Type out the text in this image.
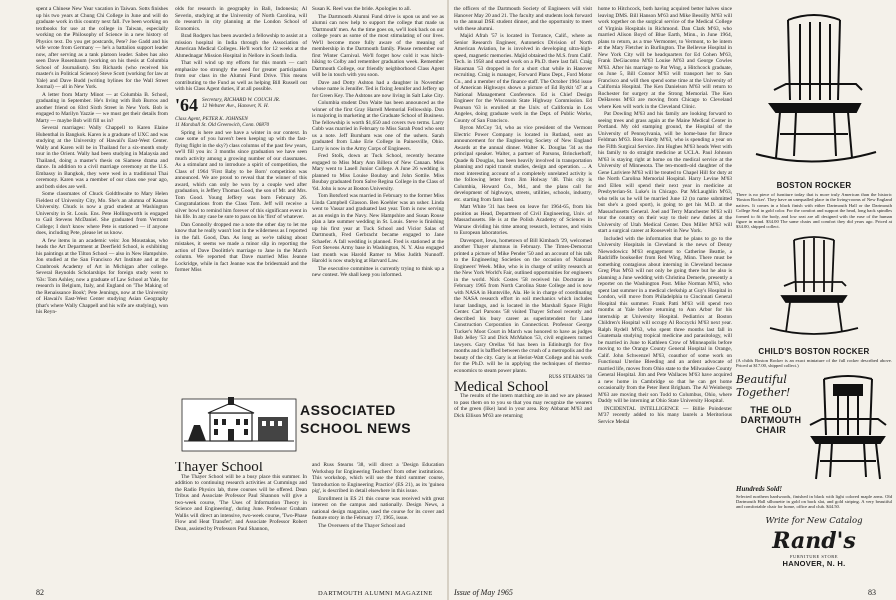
spent a Chinese New Year vacation in Taiwan. Sotts finishes up his two years at Chung Chi College in June and will do graduate work in this country next fall. I've been working on textbooks for use at the college in Taiwan, especially working on the Philosophy of Science in a new history of Physics text. Do you get postcards, Pete? Joe Gadd and his wife wrote from Germany — he's a battalion support leader now, after serving as a tank platoon leader. Sabes has also seen Dave Rosenbaum (working on his thesis at Columbia School of Journalism). Stu Richards (who received his master's in Political Science) Steve Scott (working for law at Yale) and Dave Budd (writing bylines for the Wall Street Journal) — all in New York.

A letter from Marty Minot — at Columbia B. School, graduating in September. He's living with Bob Burros and another friend on 83rd Sixth Street in New York. Bob is engaged to Marilyn Yazzie — we must get their details from Marty — maybe Bob will fill us in?

Several marriages: Wally Chappell to Karen Elaine Hubenthal in Bangkok. Karen is a graduate of UXC and was studying at the University of Hawaii's East-West Center. Wally and Karen will be in Thailand for a six-month study tour in the Orient. Wally had been studying in Malaysia and Thailand, doing a master's thesis on Siamese drama and dance. In addition to a civil marriage ceremony at the U.S. Embassy in Bangkok, they were wed in a traditional Thai ceremony. Karen was a member of our class one year ago, and both sides are well.

Some classmates of Chuck Goldthwaite to Mary Helen Fieldest of University City, Mo. She's an alumna of Kansas University. Chuck is now a grad student at Washington University in St. Louis. Ens. Pete Hollingworth is engaged to Gail Stevens McDaniel. She graduated from Vermont College; I don't know where Pete is stationed — if anyone does, including Pete, please let us know.

A few items in an academic vein: Jon Moustakas, who heads the Art Department at Deerfield School, is exhibiting his paintings at the Tilton School — also in New Hampshire. Jon studied at the San Francisco Art Institute and at the Cranbrook Academy of Art in Michigan after college. Several Reynolds Scholarships for foreign study went to '63s: Tom Ashley, now a graduate of Law School at Yale, for research in Belgium, Italy, and England on 'The Making of the Renaissance Book'; Pete Jennings, now at the University of Hawaii's East-West Center studying Asian Geography (that's where Wally Chappell and his wife are studying), won his Reyn-

olds for research in geography in Bali, Indonesia; Al Severin, studying at the University of North Carolina, will do research in city planning at the London School of Economics.

Brad Rodgers has been awarded a fellowship to assist at a mission hospital in India through the Association of American Medical Colleges. He'll work for 12 weeks at the Ahmednagar Mission Hospital in Nellore in South India.

That will wind up my efforts for this month — can't emphasize too strongly the need for greater participation from our class in the Alumni Fund Drive. This means contributing to the Fund as well as helping Bill Russell out with his Class Agent duties, if at all possible.

'64 Secretary, RICHARD W. COUCH JR.
12 Webster Ave., Hanover, N. H.
Class Agent, PETER K. JOHNSEN
11 Marshall St. Old Greenwich, Conn. 06870

Spring is here and we have a winter in our context. In case some of you haven't been keeping up with the fast-flying flight in the sky?) class columns of the past few years, we'll fill you in: 3 months since graduation we have seen much activity among a growing number of our classmates. As a stimulant and to introduce a spirit of competition, the Class of 1964 'First Baby to be Born' competition was announced. We are proud to reveal that the winner of this award, which can only be won by a couple wed after graduation, is Jeffery Thomas Good, the son of Mr. and Mrs. Tom Good. Young Jeffery was born February 26. Congratulations from the Class Tom. Jeff will receive a silver bowl to remind him forever of this significant event in his life. In any case be sure to pass on his 'first' of whatever.

Dan Connolly dropped me a note the other day to let me know that he really wasn't lost in the wilderness as I reported in the fall. Good, Dan. As long as we're talking about mistakes, it seems we made a minor slip in reporting the action of Dave Doolittle's marriage to Jane in the March column. We reported that Dave married Miss Jeanne Lockridge, while in fact Jeanne was the bridesmaid and the former Miss

Susan K. Reel was the bride. Apologies to all.

The Dartmouth Alumni Fund drive is upon us and we as alumni can now help to support the college that made us 'Dartmouth' men. As the time goes on, we'll look back on our college years as some of the most stimulating of our lives. We'll become more fully aware of the meaning of membership in the Dartmouth family. Please remember our first Winter Carnival. We'll forget how cold it was hitch-hiking to Colby and remember graduation week. Remember Dartmouth College, our friendly neighborhood Class Agent will be in touch with you soon.

Dave and Dotty Ashton had a daughter in November whose name is Jennifer. Ted is fixing Jennifer and Jeffery up for Green Key. The Ashtons are now living in Salt Lake City.

Columbia student Don Waite has been announced as the winner of the first Gray Harrell Memorial Fellowship. Don is majoring in marketing at the Graduate School of Business. The fellowship is worth $1,650 and covers two terms. Larry Cobb was married in February to Miss Sarah Pond who sent us a note. Jeff Burnham was one of the ushers. Sarah graduated from Lake Erie College in Painesville, Ohio. Larry is now in the Army Corps of Engineers.

Fred Stolk, down at Tuck School, recently became engaged to Miss Mary Ann Billera of New Canaan. Miss Mary went to Lasell Junior College. A June 26 wedding is planned to Miss Louise Boubay and John Sottile. Miss Boubay graduated from Salve Regina College in the Class of '64. John is now at Boston University.

Tom Botsford was married in February to the former Miss Linda Campbell Glasson. Ben Koehler was an usher. Linda went to Vassar and graduated last year. Tom is now serving as an ensign in the Navy. New Hampshire and Susan Rouse plan a late summer wedding in St. Louis. Steve is finishing up his first year at Tuck School and Vicior Salas of Dartmouth, Fred Gerbracht became engaged to Jane Schaefer. A fall wedding is planned. Fred is stationed at the Fort Stevens Army base in Washington, N. Y. Also engaged last month was Harold Ramer to Miss Judith Nunnoff. Harold is now studying at Harvard Law.

The executive committee is currently trying to think up a new contest. We shall keep you informed.

ASSOCIATED SCHOOL NEWS
Thayer School

The Thayer School will be a busy place this summer. In addition to continuing research activities at Cummings and the Radio Physics lab, three courses will be offered. Dean Tribus and Associate Professor Paul Shannon will give a two-week course, 'The Uses of Information Theory in Science and Engineering', during June. Professor Graham Wallis will direct an intensive, two-week course, 'Two-Phase Flow and Heat Transfer'; and Associate Professor Robert Dean, assisted by Professors Paul Shannon,

and Russ Stearns '38, will direct a 'Design Education Workshop for Engineering Teachers' from other institutions. This workshop, which will use the third summer course, 'Introduction to Engineering Practice' (ES 21), as its 'guinea pig', is described in detail elsewhere in this issue.

Enrollment in ES 21 this course was received with great interest on the campus and nationally. Design News, a national design magazine, used the course for its cover and feature story in the February 17, 1965, issue.

The Overseers of the Thayer School and

82	DARTMOUTH ALUMNI MAGAZINE

the officers of the Dartmouth Society of Engineers will visit Hanover May 20 and 21. The faculty and students look forward to the annual DSE student dinner, and the opportunity to meet with these alumni.

Majid Afrah '57 is located in Torrance, Calif., where as Senior Research Engineer, Autonetics Division of North American Aviation, he is involved in developing ultra-high-speed, magnetic memories. Majid obtained the M.S. from Calif. Tech. in 1958 and started work on a Ph.D. there last fall. Craig Hausman '53 dropped in for a short chat while in Hanover recruiting. Craig is manager, Forward Plans Dept., Ford Motor Co., and a member of the finance staff. The October 1964 issue of American Highways shows a picture of Ed Byrkit '47 at a National Management Conference. Ed is Chief Design Engineer for the Wisconsin State Highway Commission. Ed Pearson '63 is enrolled at the Univ. of California in Los Angeles, doing graduate work in the Dept. of Public Works, County of San Francisco.

Byron McCoy '34, who as vice president of the Vermont Electric Power Company is located in Rutland, sent an announcement for the Engineering Society of New England Awards at the annual dinner. Walter K. Douglas '34 as the principal speaker. Walter, a partner of Parsons, Brinckerhoff, Quade & Douglas, has been heavily involved in transportation planning and rapid transit studies, design and operation. ... A most interesting account of a completely unrelated activity is the following letter from Jim Holway '48. This city is Columbia, Howard Co., Md., and the plans call for development of highways, streets, utilities, schools, industry, etc. starting from farm land.

Matt White '31 has been on leave for 1964-65, from his position as Head, Department of Civil Engineering, Univ. of Massachusetts. He is at the Polish Academy of Sciences in Warsaw dividing his time among research, lectures, and visits to European laboratories.

Davenport, Iowa, hometown of Bill Kimbach '29, welcomed another Thayer alumnus in February. The Times-Democrat printed a picture of Mike Pender '50 and an account of his talk to the Engineering Societies on the occasion of National Engineers' Week. Mike, who is in charge of utility research at the New York World's Fair, outlined opportunities for engineers in the world. Nick Costes '58 received his Doctorate in February 1965 from North Carolina State College and is now with NASA in Huntsville, Ala. He is in charge of coordinating the NASA research effort in soil mechanics which includes lunar landings, and is located in the Marshall Space Flight Center. Carl Parsons '58 visited Thayer School recently and described his busy career as superintendent for Lane Construction Corporation in Connecticut. Professor George Tucker's Moot Court in March was honored to have as judges Bob Jelley '53 and Dick McMahon '53, civil engineers turned lawyers. Gary Orellas '64 has been in Edinburgh for five months and is baffled between the crush of a metropolis and the beauty of the city. Gary is at Heriot-Watt College and his work for the Ph.D. will be in applying the techniques of thermo-economics to steam power plants.

RUSS STEARNS '38
Medical School

The results of the intern matching are in and we are pleased to pass them on to you so that you may recognize the wearers of the green (like) land in your area. Roy Abbanat M'63 and Dick Ellison M'63 are returning

home to Hitchcock, both having acquired better halves since leaving DMS. Bill Hanson M'63 and Mike Bessilly M'63 will work together on the surgical service of the Medical College of Virginia Hospitals in Richmond. Dan Clark M'63, who married Alison Boyd of Blue Earth, Minn., in June 1964, plans to return, as a true Vermonter, to Vermont, to be intern at the Mary Fletcher in Burlington. The Bellevue Hospital in New York City will be headquarters for Ed Cohen M'63, Frank DeGiacomo M'63 Louise M'63 and George Cowles M'63. After his marriage to Pat Wing, a Hitchcock graduate, on June 5, Bill Connor M'63 will transport her to San Francisco and will then spend some time at the University of California Hospital. The Ken Danielson M'63 will return to Rochester for surgery at the Strong Memorial. The Ken DeHavens M'63 are moving from Chicago to Cleveland where Ken will work in the Cleveland Clinic.

Pat Dowling M'63 and his family are looking forward to seeing trees and grass again at the Maine Medical Center in Portland. My old stamping ground, the Hospital of the University of Pennsylvania, will be home-base for Bruce Feldman M'63. Boss Hardy M'63, who is spending a year on the Fifth Surgical Service. Jim Hughes M'63 heads West with his family to do straight medicine at UCLA. Paul Johnson M'63 is staying right at home on the medical service at the University of Minnesota. The ten-month-old daughter of the Gene Lariviere M'63 will be treated to Chapel Hill for duty at the North Carolina Memorial Hospital. Harry Levine M'63 and Ellen will spend their next year in medicine at Presbyterian-St. Luke's in Chicago. Pat McLaughlin M'63, who tells us he will be married June 12 (to name submitted but she's a good sport), is going to get his M.D. at the Massachusetts General. Joel and Terry Manchester M'63 will tour the country on their way to their new duties at the University of Utah Medical Center. Don Miller M'63 will start a surgical career at Roosevelt in New York.

Included with the information that he plans to go to the University Hospitals in Cleveland is the news of Denny Niewodowicz M'63 engagement to Catherine Beattie, a Radcliffe bookseller from Red Wing, Minn. There must be something contagious about interning in Cleveland because Greg Plus M'63 will not only be going there but he also is planning a June wedding with Christina Demerle, presently a reporter on the Washington Post. Mike Norman M'63, who spent last summer in a medical clerkship at Guy's Hospital in London, will move from Philadelphia to Cincinnati General Hospital this summer. Frank Patti M'63 will spend two months at Yale before returning to Ann Arbor for his internship at University Hospital. Pediatrics at Boston Children's Hospital will occupy Al Roczycki M'63 next year. Ralph Rydell M'63, who spent three months last fall in Guatemala studying tropical medicine and parasitology, will be married in June to Kathleen Crow of Minneapolis before moving to the Orange County General Hospital in Orange, Calif. John Schwenzel M'63, coauthor of some work on Functional Uterine Bleeding and an ardent advocate of married life, moves from Ohio state to the Milwaukee County General Hospital. Jim and Pete Wallaces M'63 have acquired a new home in Cambridge so that he can get home occasionally from the Peter Bent Brigham. The Al Weinbergs M'63 are moving their son Todd to Columbus, Ohio, where Daddy will be interning at Ohio State University Hospital.

INCIDENTAL INTELLIGENCE — Billie Poindexter M'37 recently added to his many laurels a Meritorious Service Medal

BOSTON ROCKER
There is no piece of furniture today that is more truly American than the historic 'Boston Rocker'. They have an unequalled place in the living-rooms of New England natives. It comes in a black finish with either Dartmouth Hall or the Dartmouth College Seal in gold color. For the comfort and support the head, long back spindles formed to fit the body, and low seat are all designed with the ease of the human figure in mind. $34.00 The same chairs and comfort they did years ago. Priced at $34.00, shipped collect.
CHILD'S BOSTON ROCKER
(A childs Boston Rocker is an exact miniature of the full rocker described above. Priced at $17.00, shipped collect.)
Beautiful Together!
THE OLD
DARTMOUTH
CHAIR
Hundreds Sold!
Selected northern hardwoods, finished in black with light colored maple arms. Old Dartmouth Hall silhouette in gold on back slat, and gold striping. A very beautiful and comfortable chair for home, office and club. $44.50.
Write for New Catalog
Rand's
FURNITURE STORE
HANOVER, N. H.
Issue of May 1965	83
